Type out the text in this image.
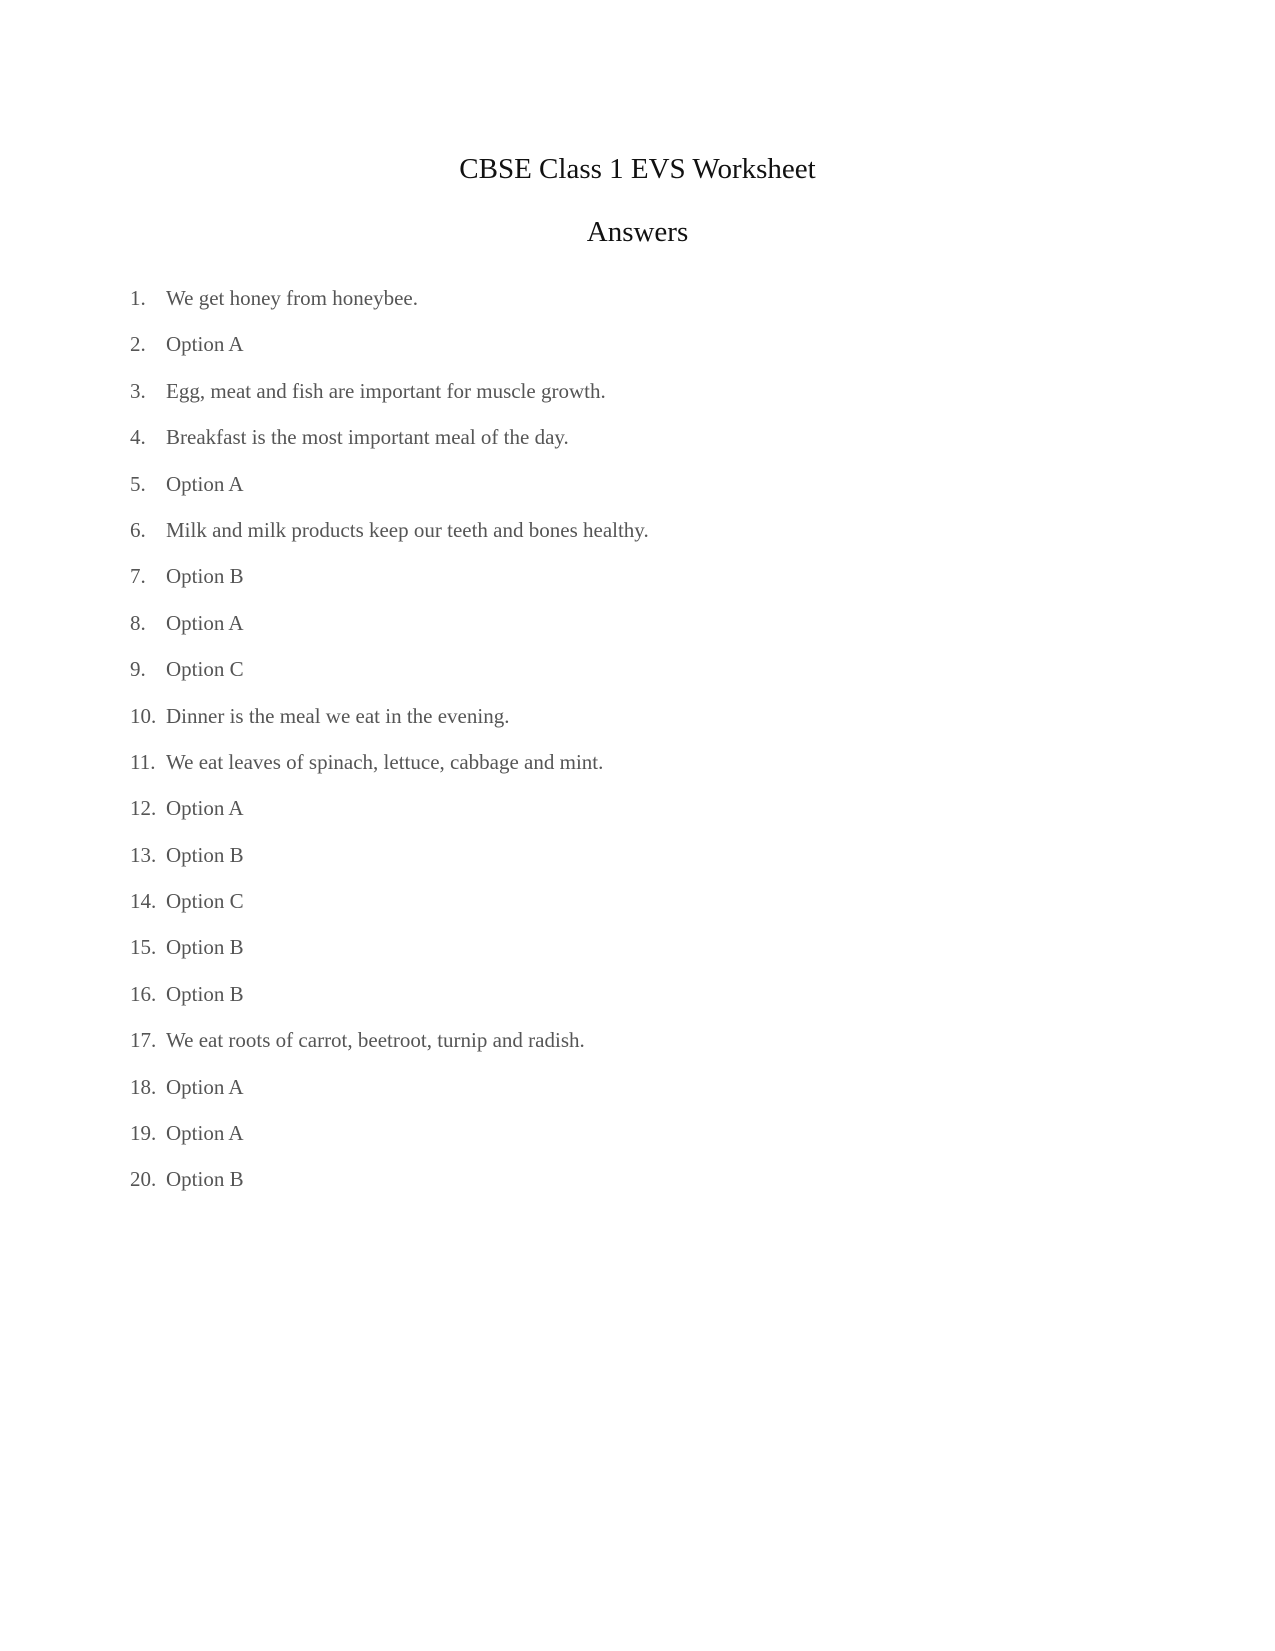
CBSE Class 1 EVS Worksheet
Answers
1. We get honey from honeybee.
2. Option A
3. Egg, meat and fish are important for muscle growth.
4. Breakfast is the most important meal of the day.
5. Option A
6. Milk and milk products keep our teeth and bones healthy.
7. Option B
8. Option A
9. Option C
10. Dinner is the meal we eat in the evening.
11. We eat leaves of spinach, lettuce, cabbage and mint.
12. Option A
13. Option B
14. Option C
15. Option B
16. Option B
17. We eat roots of carrot, beetroot, turnip and radish.
18. Option A
19. Option A
20. Option B
